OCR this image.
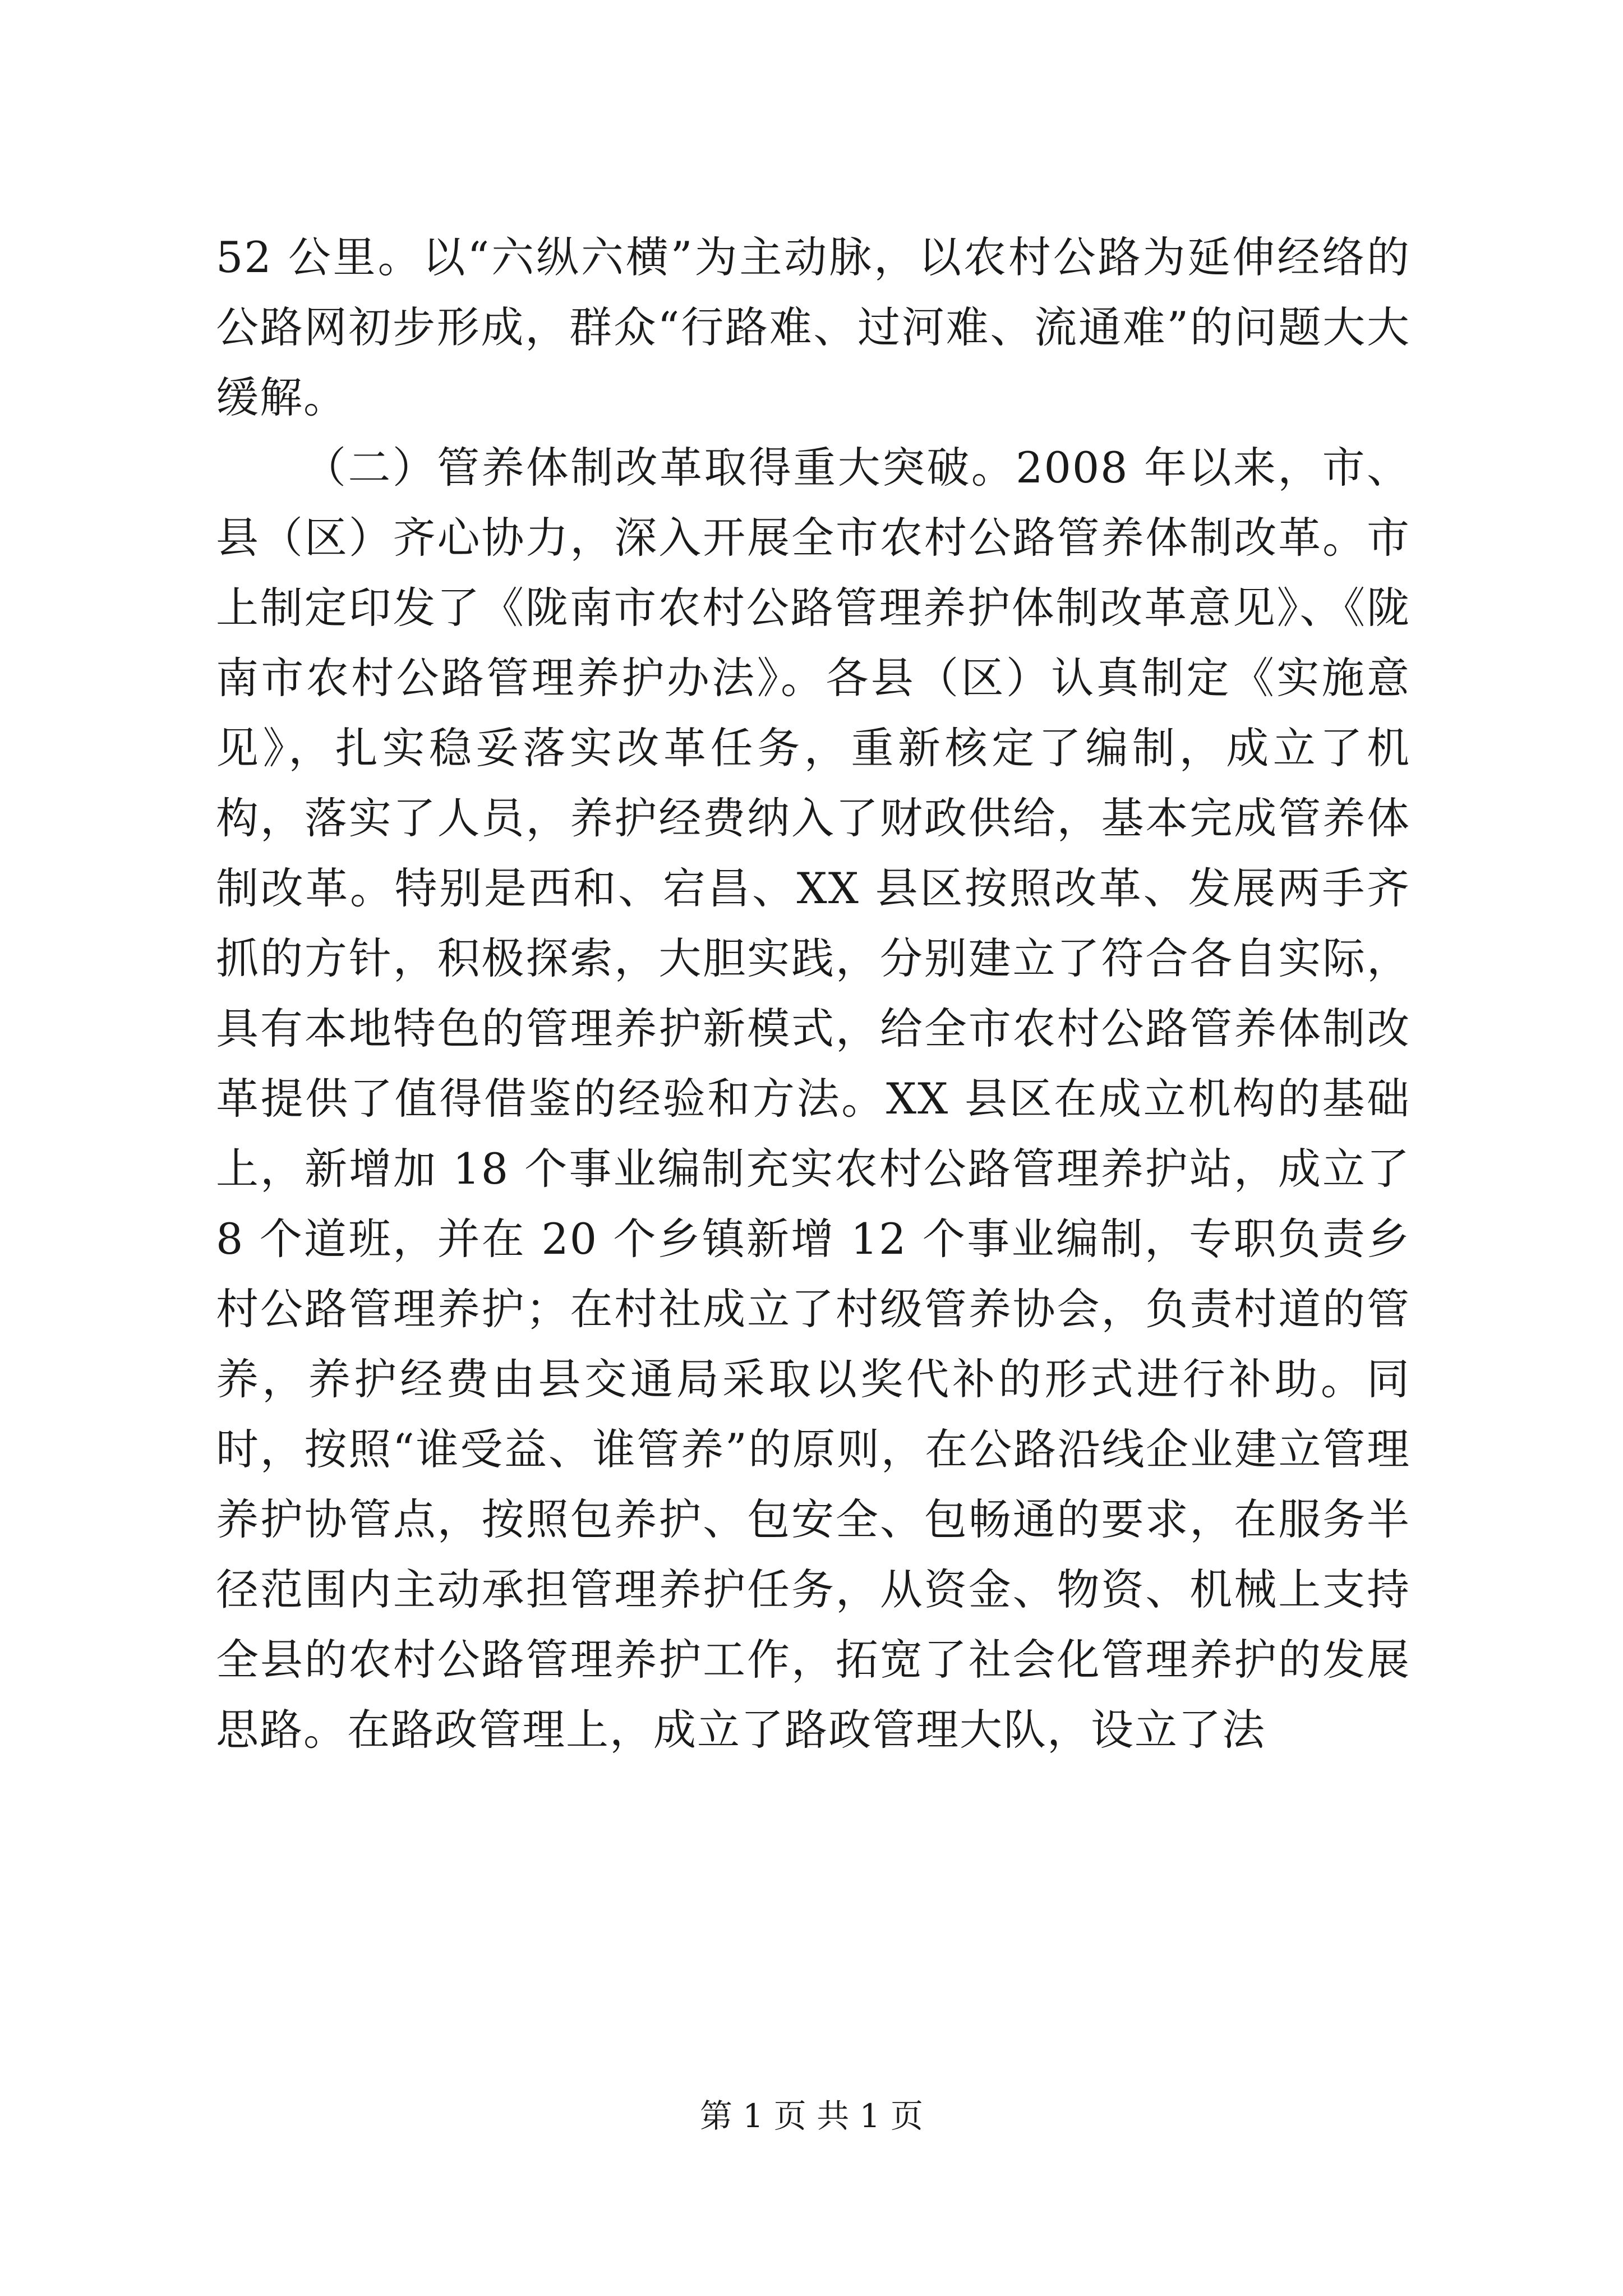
52 公里。以“六纵六横”为主动脉，以农村公路为延伸经络的公路网初步形成，群众“行路难、过河难、流通难”的问题大大缓解。

（二）管养体制改革取得重大突破。2008 年以来，市、县（区）齐心协力，深入开展全市农村公路管养体制改革。市上制定印发了《陇南市农村公路管理养护体制改革意见》、《陇南市农村公路管理养护办法》。各县（区）认真制定《实施意见》，扎实稳妥落实改革任务，重新核定了编制，成立了机构，落实了人员，养护经费纳入了财政供给，基本完成管养体制改革。特别是西和、宕昌、XX 县区按照改革、发展两手齐抓的方针，积极探索，大胆实践，分别建立了符合各自实际，具有本地特色的管理养护新模式，给全市农村公路管养体制改革提供了值得借鉴的经验和方法。XX 县区在成立机构的基础上，新增加 18 个事业编制充实农村公路管理养护站，成立了 8 个道班，并在 20 个乡镇新增 12 个事业编制，专职负责乡村公路管理养护；在村社成立了村级管养协会，负责村道的管养，养护经费由县交通局采取以奖代补的形式进行补助。同时，按照“谁受益、谁管养”的原则，在公路沿线企业建立管理养护协管点，按照包养护、包安全、包畅通的要求，在服务半径范围内主动承担管理养护任务，从资金、物资、机械上支持全县的农村公路管理养护工作，拓宽了社会化管理养护的发展思路。在路政管理上，成立了路政管理大队，设立了法

第 1 页 共 1 页
